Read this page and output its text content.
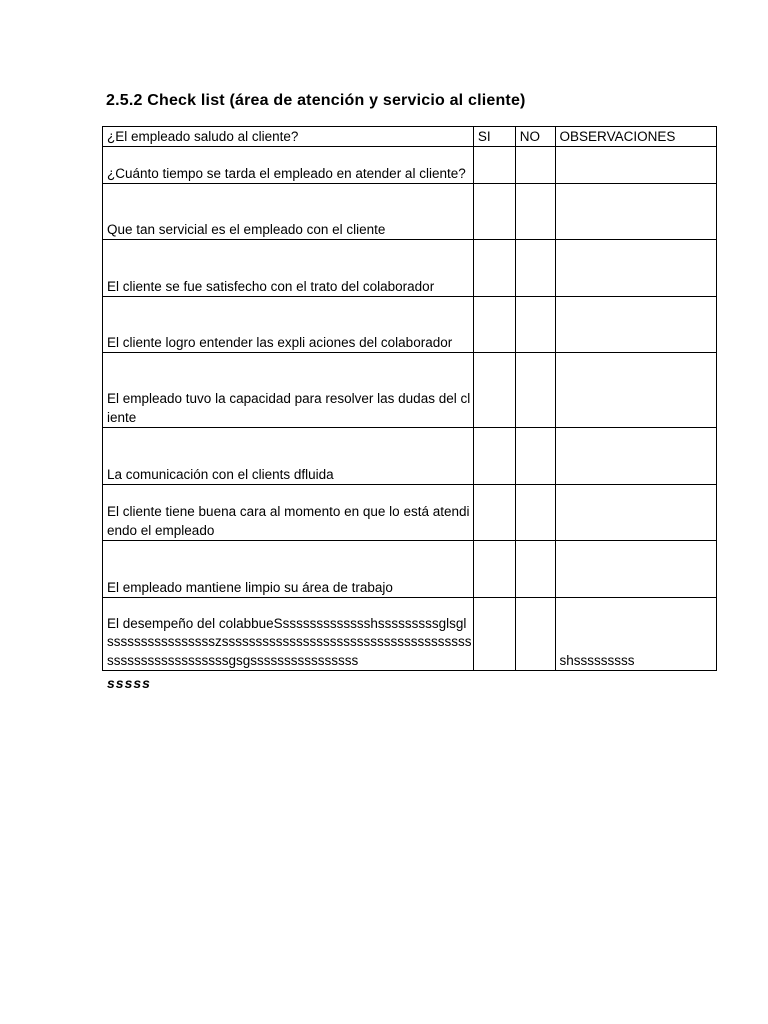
2.5.2 Check list (área de atención y servicio al cliente)
¿El empleado saludo al cliente?	SI	NO	OBSERVACIONES
¿Cuánto tiempo se tarda el empleado en atender al cliente?			
Que tan servicial es el empleado con el cliente			
El cliente se fue satisfecho con el trato del colaborador			
El cliente logro entender las expli aciones del colaborador			
El empleado tuvo la capacidad para resolver las dudas del cliente			
La comunicación con el clients dfluida			
El cliente tiene buena cara al momento en que lo está atendiendo el empleado			
El empleado mantiene limpio su área de trabajo			
El desempeño del colabbueSssssssssssssshsssssssssglsglsssssssssssssssszsssssssssssssssssssssssssssssssssssssssssssssssssssssssgsgssssssssssssssss			shsssssssss
sssss
